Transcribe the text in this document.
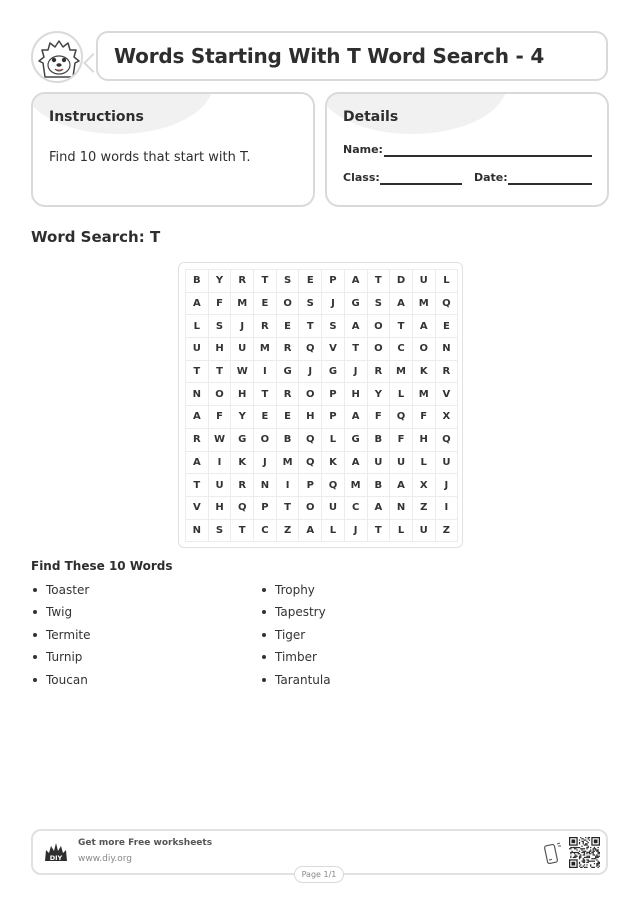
Words Starting With T Word Search - 4
Instructions
Find 10 words that start with T.
Details
Name:
Class:	Date:
Word Search: T
B	Y	R	T	S	E	P	A	T	D	U	L
A	F	M	E	O	S	J	G	S	A	M	Q
L	S	J	R	E	T	S	A	O	T	A	E
U	H	U	M	R	Q	V	T	O	C	O	N
T	T	W	I	G	J	G	J	R	M	K	R
N	O	H	T	R	O	P	H	Y	L	M	V
A	F	Y	E	E	H	P	A	F	Q	F	X
R	W	G	O	B	Q	L	G	B	F	H	Q
A	I	K	J	M	Q	K	A	U	U	L	U
T	U	R	N	I	P	Q	M	B	A	X	J
V	H	Q	P	T	O	U	C	A	N	Z	I
N	S	T	C	Z	A	L	J	T	L	U	Z
Find These 10 Words
Toaster
Twig
Termite
Turnip
Toucan
Trophy
Tapestry
Tiger
Timber
Tarantula
DIY
Get more Free worksheets
www.diy.org
Page 1/1
